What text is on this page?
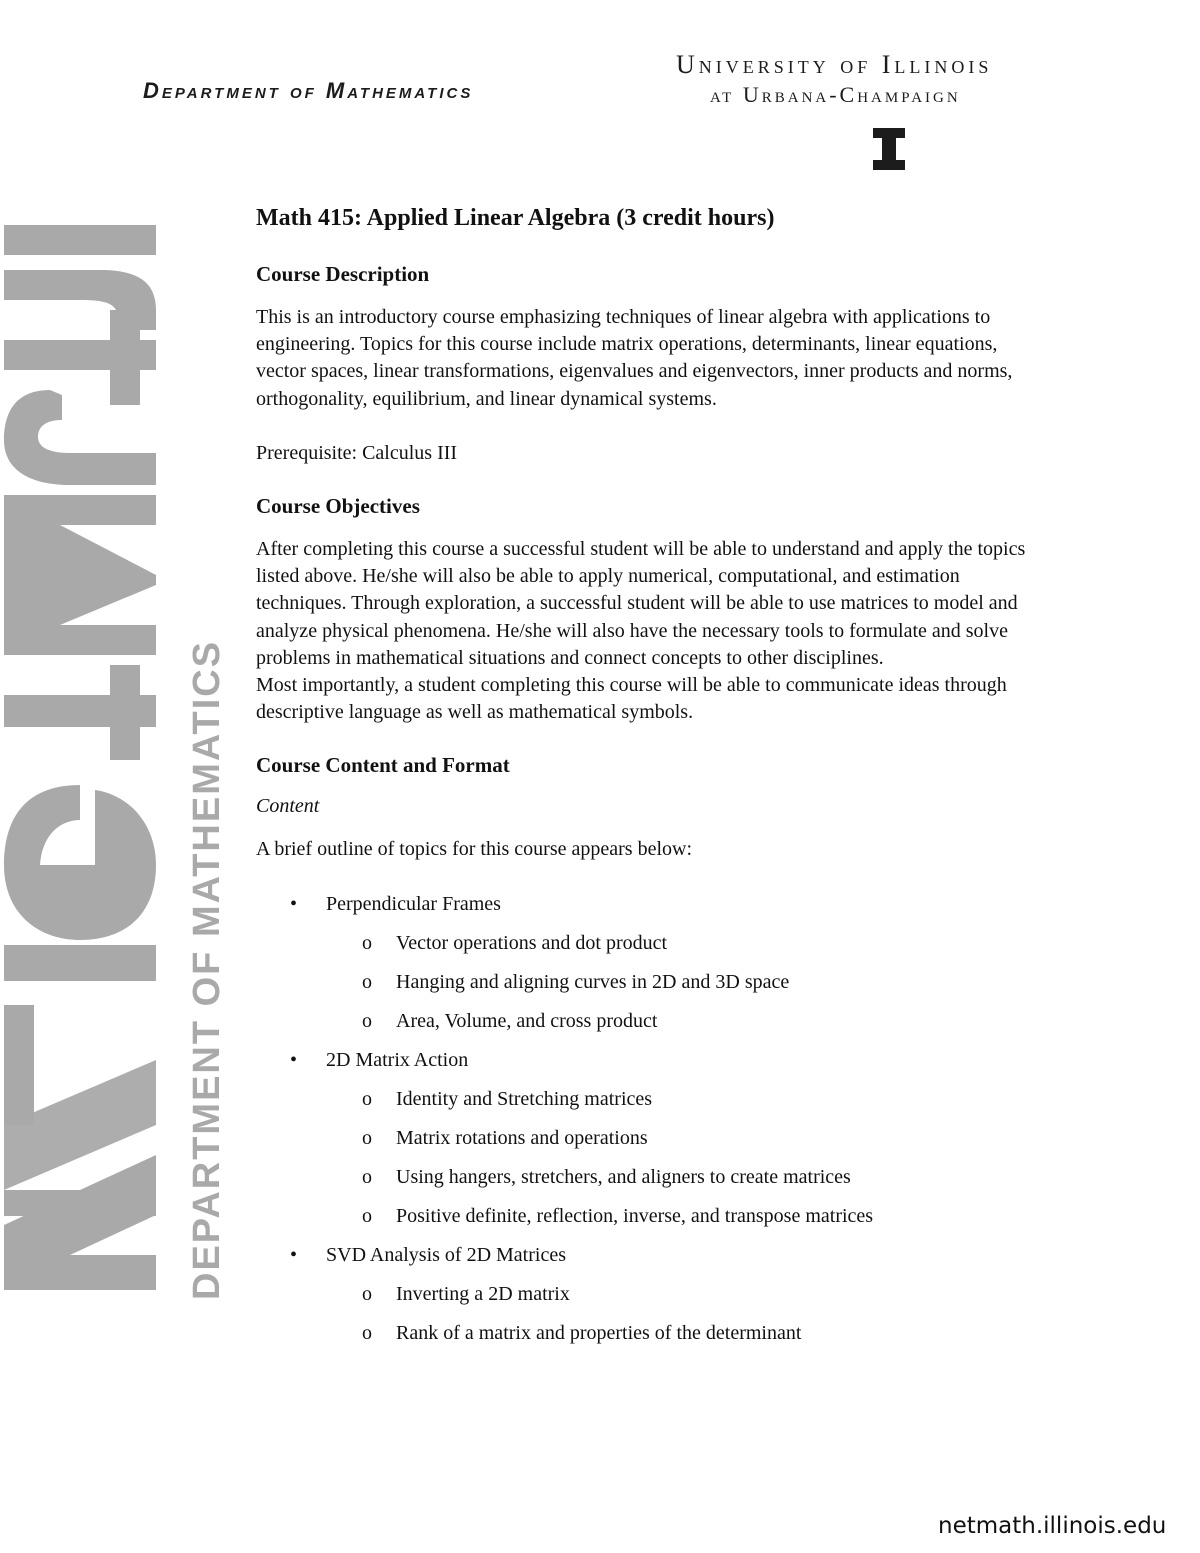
Department of Mathematics
University of Illinois
at Urbana-Champaign
DEPARTMENT OF MATHEMATICS
Math 415: Applied Linear Algebra (3 credit hours)
Course Description

This is an introductory course emphasizing techniques of linear algebra with applications to engineering. Topics for this course include matrix operations, determinants, linear equations, vector spaces, linear transformations, eigenvalues and eigenvectors, inner products and norms, orthogonality, equilibrium, and linear dynamical systems.

Prerequisite: Calculus III

Course Objectives

After completing this course a successful student will be able to understand and apply the topics listed above. He/she will also be able to apply numerical, computational, and estimation techniques. Through exploration, a successful student will be able to use matrices to model and analyze physical phenomena. He/she will also have the necessary tools to formulate and solve problems in mathematical situations and connect concepts to other disciplines.

Most importantly, a student completing this course will be able to communicate ideas through descriptive language as well as mathematical symbols.

Course Content and Format

Content

A brief outline of topics for this course appears below:

• Perpendicular Frames
o Vector operations and dot product
o Hanging and aligning curves in 2D and 3D space
o Area, Volume, and cross product
• 2D Matrix Action
o Identity and Stretching matrices
o Matrix rotations and operations
o Using hangers, stretchers, and aligners to create matrices
o Positive definite, reflection, inverse, and transpose matrices
• SVD Analysis of 2D Matrices
o Inverting a 2D matrix
o Rank of a matrix and properties of the determinant
netmath.illinois.edu
